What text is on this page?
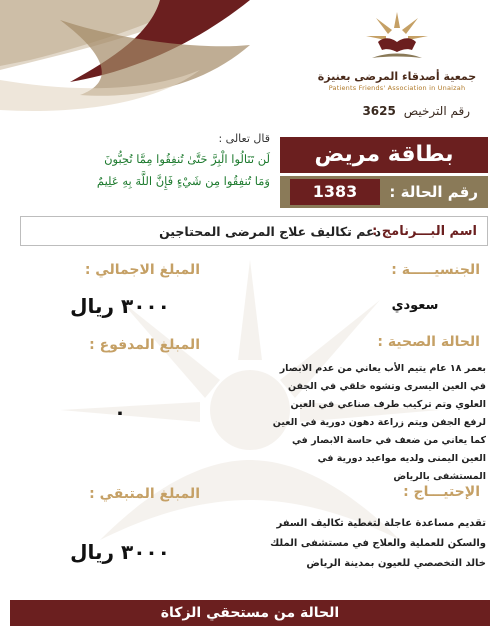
جمعية أصدقاء المرضى بعنيزة
Patients Friends' Association in Unaizah
رقم الترخيص 3625
قال تعالى :
لَن تَنَالُوا الْبِرَّ حَتَّىٰ تُنفِقُوا مِمَّا تُحِبُّونَ
وَمَا تُنفِقُوا مِن شَيْءٍ فَإِنَّ اللَّهَ بِهِ عَلِيمٌ
بطاقة مريض
رقم الحالة :
1383
اسم البـــرنامج :
دعم تكاليف علاج المرضى المحتاجين
الجنسيـــــة :
سعودي
المبلغ الاجمالي :
٣٠٠٠ ريال
المبلغ المدفوع :
٠
الحالة الصحية :
بعمر ١٨ عام يتيم الأب يعاني من عدم الابصار في العين اليسرى وتشوه خلقي في الجفن العلوي وتم تركيب طرف صناعي في العين لرفع الجفن ويتم زراعة دهون دورية في العين كما يعاني من ضعف في حاسة الابصار في العين اليمنى ولديه مواعيد دورية في المستشفى بالرياض
الإحتيـــاج :
تقديم مساعدة عاجلة لتغطية تكاليف السفر والسكن للعملية والعلاج في مستشفى الملك خالد التخصصي للعيون بمدينة الرياض
المبلغ المتبقي :
٣٠٠٠ ريال
الحالة من مستحقي الزكاة
